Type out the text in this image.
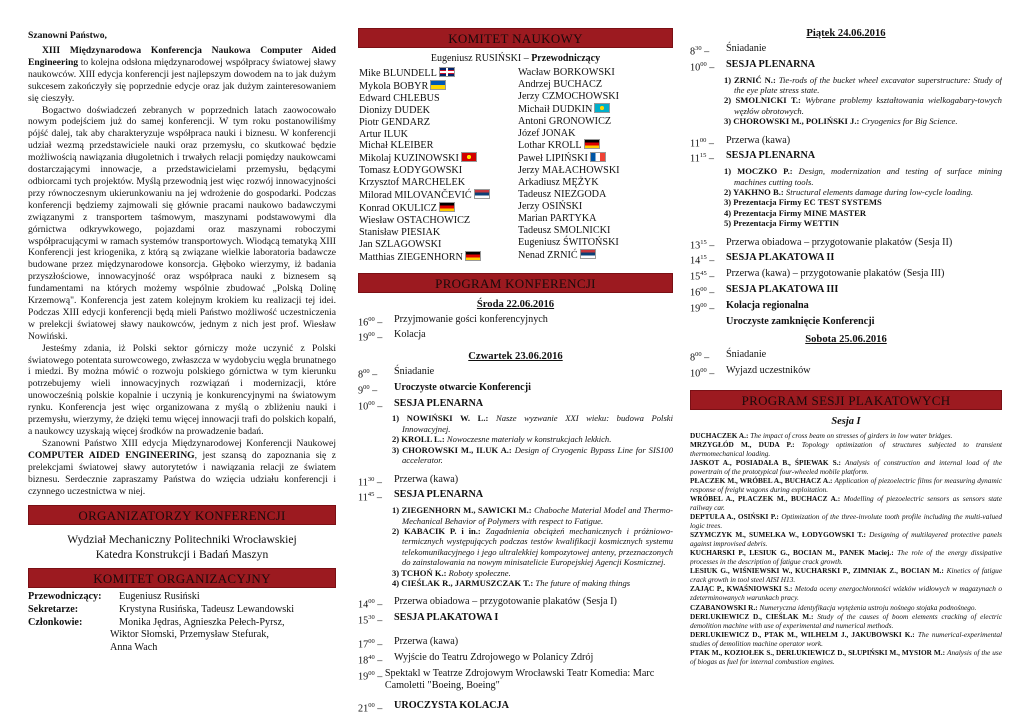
Szanowni Państwo,

XIII Międzynarodowa Konferencja Naukowa Computer Aided Engineering to kolejna odsłona międzynarodowej współpracy światowej sławy naukowców. XIII edycja konferencji jest najlepszym dowodem na to jak dużym sukcesem zakończyły się poprzednie edycje oraz jak dużym zainteresowaniem się cieszyły.

Bogactwo doświadczeń zebranych w poprzednich latach zaowocowało nowym podejściem już do samej konferencji. W tym roku postanowiliśmy pójść dalej, tak aby charakteryzuje współpraca nauki i biznesu. W konferencji udział wezmą przedstawiciele nauki oraz przemysłu, co skutkować będzie możliwością nawiązania długoletnich i trwałych relacji pomiędzy naukowcami dostarczającymi innowacje, a przedstawicielami przemysłu, będącymi odbiorcami tych projektów. Myślą przewodnią jest więc rozwój innowacyjności przy równoczesnym ukierunkowaniu na jej wdrożenie do gospodarki. Podczas konferencji będziemy zajmowali się głównie pracami naukowo badawczymi związanymi z transportem taśmowym, maszynami podstawowymi dla górnictwa odkrywkowego, pojazdami oraz maszynami roboczymi współpracującymi w ramach systemów transportowych. Wiodącą tematyką XIII Konferencji jest kriogenika, z którą są związane wielkie laboratoria badawcze budowane przez międzynarodowe konsorcja. Głęboko wierzymy, iż badania przyszłościowe, innowacyjność oraz współpraca nauki z biznesem są fundamentami na których możemy wspólnie zbudować „Polską Dolinę Krzemową". Konferencja jest zatem kolejnym krokiem ku realizacji tej idei. Podczas XIII edycji konferencji będą mieli Państwo możliwość uczestniczenia w prelekcji światowej sławy naukowców, jednym z nich jest prof. Wiesław Nowiński.

Jesteśmy zdania, iż Polski sektor górniczy może uczynić z Polski światowego potentata surowcowego, zwłaszcza w wydobyciu węgla brunatnego i miedzi. By można mówić o rozwoju polskiego górnictwa w tym kierunku potrzebujemy wieli innowacyjnych rozwiązań i modernizacji, które unowocześnią polskie kopalnie i uczynią je konkurencyjnymi na światowym rynku. Konferencja jest więc organizowana z myślą o zbliżeniu nauki i przemysłu, wierzymy, że dzięki temu więcej innowacji trafi do polskich kopalń, a naukowcy uzyskają więcej środków na prowadzenie badań.

Szanowni Państwo XIII edycja Międzynarodowej Konferencji Naukowej COMPUTER AIDED ENGINEERING, jest szansą do zapoznania się z prelekcjami światowej sławy autorytetów i nawiązania relacji ze światem biznesu. Serdecznie zapraszamy Państwa do wzięcia udziału konferencji i czynnego uczestnictwa w niej.

ORGANIZATORZY KONFERENCJI
Wydział Mechaniczny Politechniki Wrocławskiej
Katedra Konstrukcji i Badań Maszyn
KOMITET ORGANIZACYJNY
Przewodniczący:	Eugeniusz Rusiński
Sekretarze:	Krystyna Rusińska, Tadeusz Lewandowski
Członkowie:	Monika Jędras, Agnieszka Pełech-Pyrsz,
Wiktor Słomski, Przemysław Stefurak,
Anna Wach
KOMITET NAUKOWY
Eugeniusz RUSIŃSKI – Przewodniczący
Mike BLUNDELL
Mykola BOBYR
Edward CHLEBUS
Dionizy DUDEK
Piotr GENDARZ
Artur ILUK
Michał KLEIBER
Mikolaj KUZINOWSKI
Tomasz ŁODYGOWSKI
Krzysztof MARCHELEK
Milorad MILOVANČEVIĆ
Konrad OKULICZ
Wiesław OSTACHOWICZ
Stanisław PIESIAK
Jan SZLAGOWSKI
Matthias ZIEGENHORN
Wacław BORKOWSKI
Andrzej BUCHACZ
Jerzy CZMOCHOWSKI
Michaił DUDKIN
Antoni GRONOWICZ
Józef JONAK
Lothar KROLL
Paweł LIPIŃSKI
Jerzy MAŁACHOWSKI
Arkadiusz MĘŻYK
Tadeusz NIEZGODA
Jerzy OSIŃSKI
Marian PARTYKA
Tadeusz SMOLNICKI
Eugeniusz ŚWITOŃSKI
Nenad ZRNIĆ
PROGRAM KONFERENCJI
Środa 22.06.2016
$16^{00}$ –	Przyjmowanie gości konferencyjnych
$19^{00}$ –	Kolacja
Czwartek 23.06.2016
$8^{00}$ –	Śniadanie
$9^{00}$ –	Uroczyste otwarcie Konferencji
$10^{00}$ –	SESJA PLENARNA
1) NOWIŃSKI W. L.: Nasze wyzwanie XXI wieku: budowa Polski Innowacyjnej.
2) KROLL L.: Nowoczesne materiały w konstrukcjach lekkich.
3) CHOROWSKI M., ILUK A.: Design of Cryogenic Bypass Line for SIS100 accelerator.
$11^{30}$ –	Przerwa (kawa)
$11^{45}$ –	SESJA PLENARNA
1) ZIEGENHORN M., SAWICKI M.: Chaboche Material Model and Thermo-Mechanical Behavior of Polymers with respect to Fatigue.
2) KABACIK P. i in.: Zagadnienia obciążeń mechanicznych i próżniowo-termicznych występujących podczas testów kwalifikacji kosmicznych systemu telekomunikacyjnego i jego ultralekkiej kompozytowej anteny, przeznaczonych do zainstalowania na nowym minisatelicie Europejskiej Agencji Kosmicznej.
3) TCHOŃ K.: Roboty społeczne.
4) CIEŚLAK R., JARMUSZCZAK T.: The future of making things
$14^{00}$ –	Przerwa obiadowa – przygotowanie plakatów (Sesja I)
$15^{30}$ –	SESJA PLAKATOWA I
$17^{00}$ –	Przerwa (kawa)
$18^{40}$ –	Wyjście do Teatru Zdrojowego w Polanicy Zdrój
$19^{00}$ – Spektakl w Teatrze Zdrojowym Wrocławski Teatr Komedia: Marc Camoletti "Boeing, Boeing"
$21^{00}$ –	UROCZYSTA KOLACJA
Piątek 24.06.2016
$8^{30}$ –	Śniadanie
$10^{00}$ –	SESJA PLENARNA
1) ZRNIĆ N.: Tie-rods of the bucket wheel excavator superstructure: Study of the eye plate stress state.
2) SMOLNICKI T.: Wybrane problemy kształtowania wielkogabary-towych węzłów obrotowych.
3) CHOROWSKI M., POLIŃSKI J.: Cryogenics for Big Science.
$11^{00}$ –	Przerwa (kawa)
$11^{15}$ –	SESJA PLENARNA
1) MOCZKO P.: Design, modernization and testing of surface mining machines cutting tools.
2) YAKHNO B.: Structural elements damage during low-cycle loading.
3) Prezentacja Firmy EC TEST SYSTEMS
4) Prezentacja Firmy MINE MASTER
5) Prezentacja Firmy WETTIN
$13^{15}$ –	Przerwa obiadowa – przygotowanie plakatów (Sesja II)
$14^{15}$ –	SESJA PLAKATOWA II
$15^{45}$ –	Przerwa (kawa) – przygotowanie plakatów (Sesja III)
$16^{00}$ –	SESJA PLAKATOWA III
$19^{00}$ –	Kolacja regionalna
Uroczyste zamknięcie Konferencji
Sobota 25.06.2016
$8^{00}$ –	Śniadanie
$10^{00}$ –	Wyjazd uczestników
PROGRAM SESJI PLAKATOWYCH
Sesja I
DUCHACZEK A.: The impact of cross beam on stresses of girders in low water bridges.
MRZYGŁÓD M., DUDA P.: Topology optimization of structures subjected to transient thermomechanical loading.
JASKOT A., POSIADAŁA B., ŚPIEWAK S.: Analysis of construction and internal load of the powertrain of the prototypical four-wheeled mobile platform.
PŁACZEK M., WRÓBEL A., BUCHACZ A.: Application of piezoelectric films for measuring dynamic response of freight wagons during exploitation.
WRÓBEL A., PŁACZEK M., BUCHACZ A.: Modelling of piezoelectric sensors as sensors state railway car.
DEPTUŁA A., OSIŃSKI P.: Optimization of the three-involute tooth profile including the multi-valued logic trees.
SZYMCZYK M., SUMELKA W., ŁODYGOWSKI T.: Designing of multilayered protective panels against improvised debris.
KUCHARSKI P., LESIUK G., BOCIAN M., PANEK Maciej.: The role of the energy dissipative processes in the description of fatigue crack growth.
LESIUK G., WIŚNIEWSKI W., KUCHARSKI P., ZIMNIAK Z., BOCIAN M.: Kinetics of fatigue crack growth in tool steel AISI H13.
ZAJĄC P., KWAŚNIOWSKI S.: Metoda oceny energochłonności wózków widłowych w magazynach o zdeterminowanych warunkach pracy.
CZABANOWSKI R.: Numeryczna identyfikacja wytężenia ustroju nośnego stojaka podnośnego.
DERLUKIEWICZ D., CIEŚLAK M.: Study of the causes of boom elements cracking of electric demolition machine with use of experimental and numerical methods.
DERLUKIEWICZ D., PTAK M., WILHELM J., JAKUBOWSKI K.: The numerical-experimental studies of demolition machine operator work.
PTAK M., KOZIOŁEK S., DERLUKIEWICZ D., SŁUPIŃSKI M., MYSIOR M.: Analysis of the use of biogas as fuel for internal combustion engines.
